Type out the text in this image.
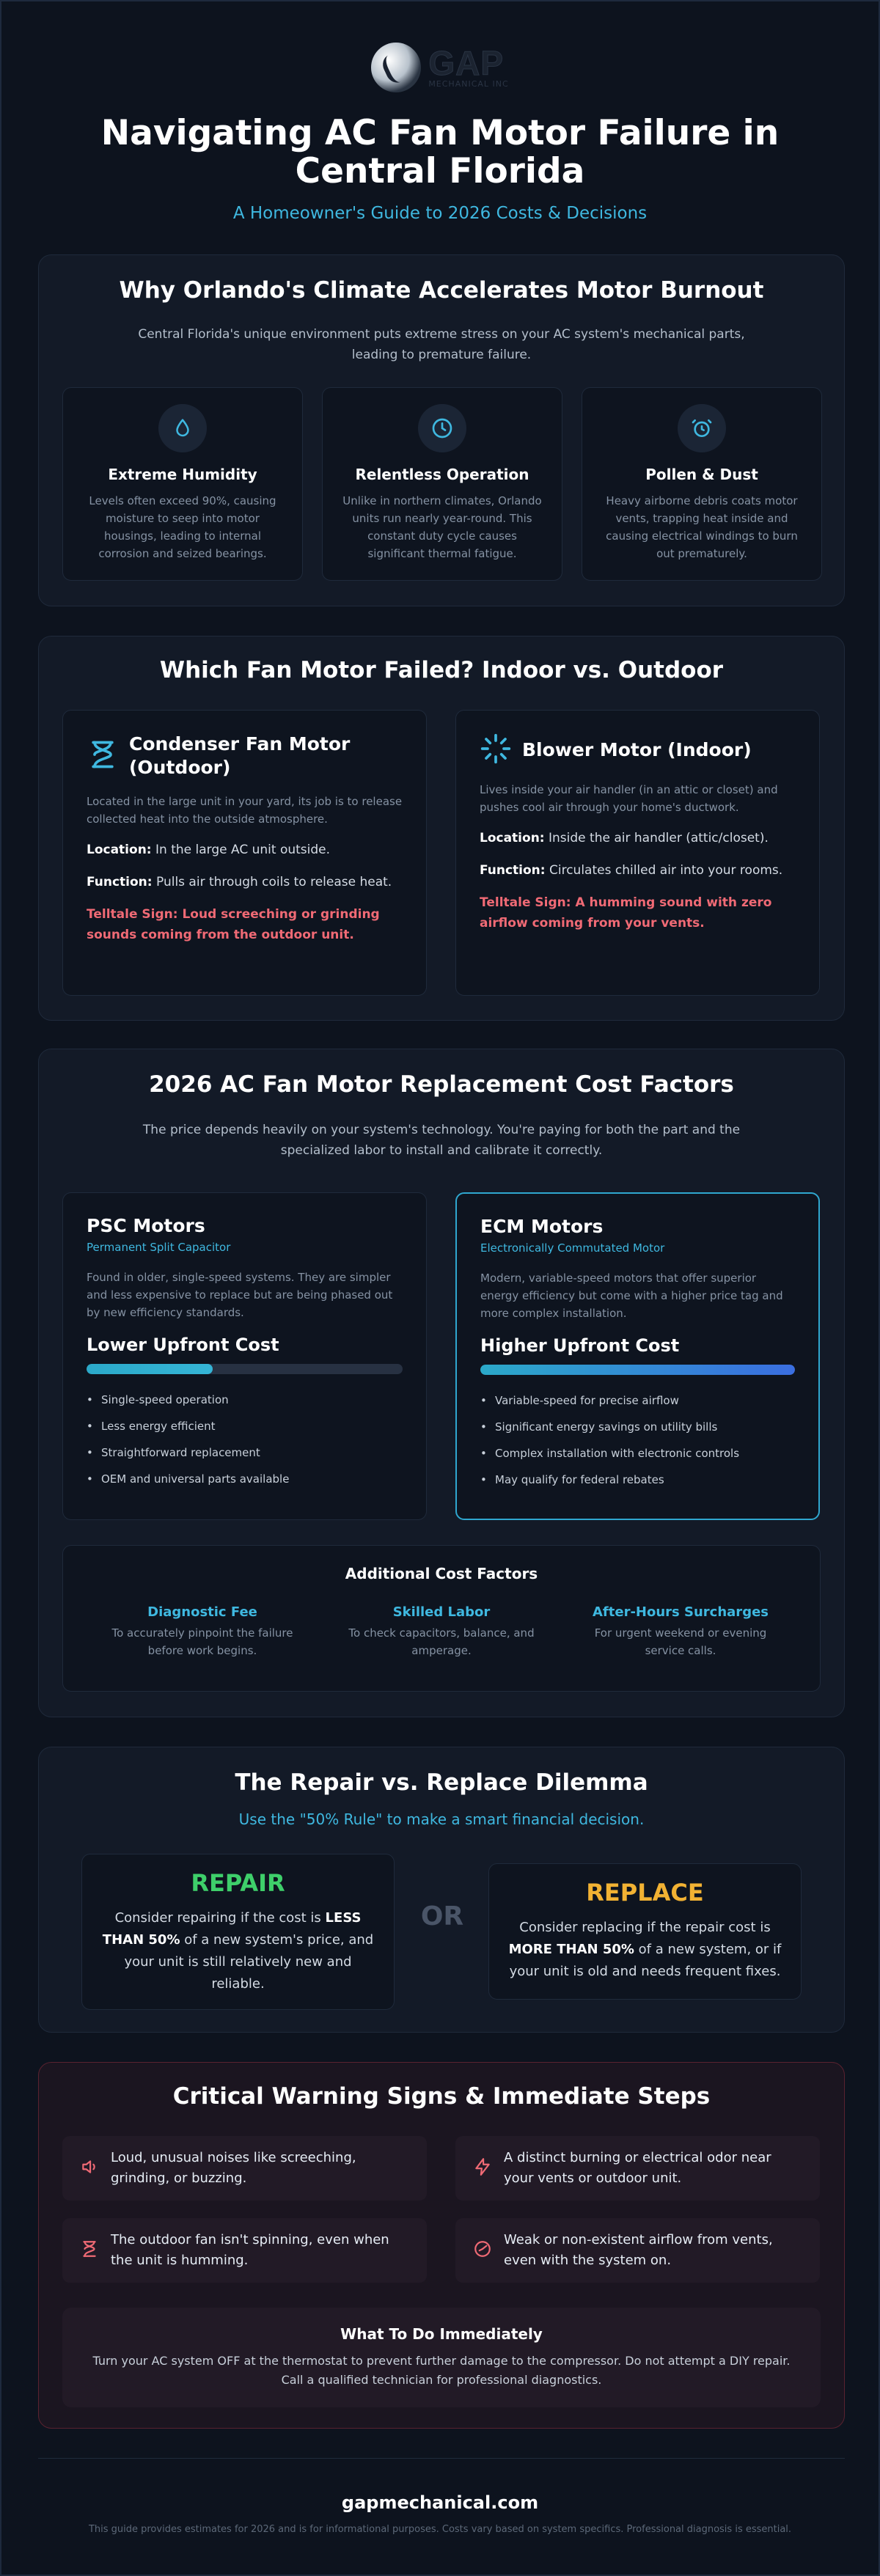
GAP
MECHANICAL INC
Navigating AC Fan Motor Failure in Central Florida
A Homeowner's Guide to 2026 Costs & Decisions
Why Orlando's Climate Accelerates Motor Burnout
Central Florida's unique environment puts extreme stress on your AC system's mechanical parts, leading to premature failure.
Extreme Humidity
Levels often exceed 90%, causing moisture to seep into motor housings, leading to internal corrosion and seized bearings.
Relentless Operation
Unlike in northern climates, Orlando units run nearly year-round. This constant duty cycle causes significant thermal fatigue.
Pollen & Dust
Heavy airborne debris coats motor vents, trapping heat inside and causing electrical windings to burn out prematurely.
Which Fan Motor Failed? Indoor vs. Outdoor
Condenser Fan Motor (Outdoor)
Located in the large unit in your yard, its job is to release collected heat into the outside atmosphere.
Location: In the large AC unit outside.
Function: Pulls air through coils to release heat.
Telltale Sign: Loud screeching or grinding sounds coming from the outdoor unit.
Blower Motor (Indoor)
Lives inside your air handler (in an attic or closet) and pushes cool air through your home's ductwork.
Location: Inside the air handler (attic/closet).
Function: Circulates chilled air into your rooms.
Telltale Sign: A humming sound with zero airflow coming from your vents.
2026 AC Fan Motor Replacement Cost Factors
The price depends heavily on your system's technology. You're paying for both the part and the specialized labor to install and calibrate it correctly.
PSC Motors
Permanent Split Capacitor
Found in older, single-speed systems. They are simpler and less expensive to replace but are being phased out by new efficiency standards.
Lower Upfront Cost
• Single-speed operation
• Less energy efficient
• Straightforward replacement
• OEM and universal parts available
ECM Motors
Electronically Commutated Motor
Modern, variable-speed motors that offer superior energy efficiency but come with a higher price tag and more complex installation.
Higher Upfront Cost
• Variable-speed for precise airflow
• Significant energy savings on utility bills
• Complex installation with electronic controls
• May qualify for federal rebates
Additional Cost Factors
Diagnostic Fee
To accurately pinpoint the failure before work begins.
Skilled Labor
To check capacitors, balance, and amperage.
After-Hours Surcharges
For urgent weekend or evening service calls.
The Repair vs. Replace Dilemma
Use the "50% Rule" to make a smart financial decision.
REPAIR
Consider repairing if the cost is LESS THAN 50% of a new system's price, and your unit is still relatively new and reliable.
OR
REPLACE
Consider replacing if the repair cost is MORE THAN 50% of a new system, or if your unit is old and needs frequent fixes.
Critical Warning Signs & Immediate Steps
Loud, unusual noises like screeching, grinding, or buzzing.
A distinct burning or electrical odor near your vents or outdoor unit.
The outdoor fan isn't spinning, even when the unit is humming.
Weak or non-existent airflow from vents, even with the system on.
What To Do Immediately
Turn your AC system OFF at the thermostat to prevent further damage to the compressor. Do not attempt a DIY repair. Call a qualified technician for professional diagnostics.
gapmechanical.com
This guide provides estimates for 2026 and is for informational purposes. Costs vary based on system specifics. Professional diagnosis is essential.
